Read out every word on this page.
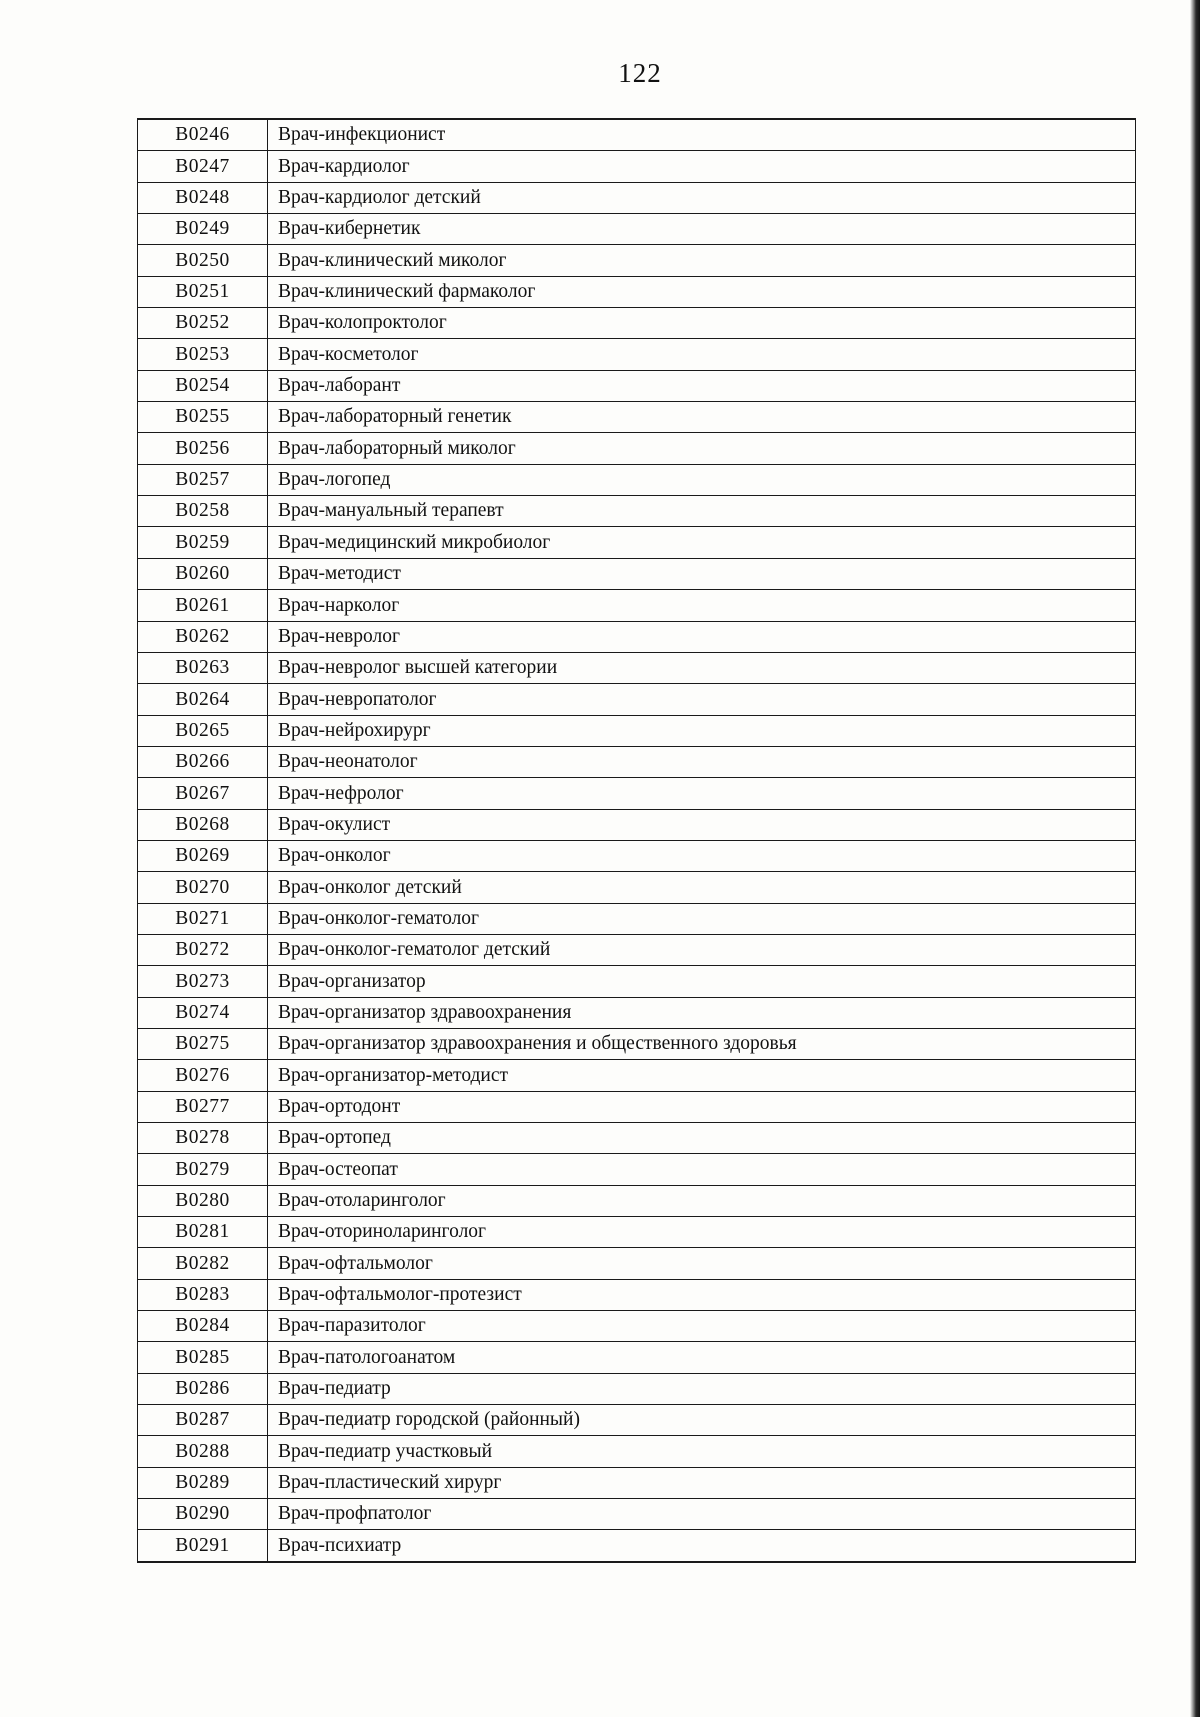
122
В0246	Врач-инфекционист
В0247	Врач-кардиолог
В0248	Врач-кардиолог детский
В0249	Врач-кибернетик
В0250	Врач-клинический миколог
В0251	Врач-клинический фармаколог
В0252	Врач-колопроктолог
В0253	Врач-косметолог
В0254	Врач-лаборант
В0255	Врач-лабораторный генетик
В0256	Врач-лабораторный миколог
В0257	Врач-логопед
В0258	Врач-мануальный терапевт
В0259	Врач-медицинский микробиолог
В0260	Врач-методист
В0261	Врач-нарколог
В0262	Врач-невролог
В0263	Врач-невролог высшей категории
В0264	Врач-невропатолог
В0265	Врач-нейрохирург
В0266	Врач-неонатолог
В0267	Врач-нефролог
В0268	Врач-окулист
В0269	Врач-онколог
В0270	Врач-онколог детский
В0271	Врач-онколог-гематолог
В0272	Врач-онколог-гематолог детский
В0273	Врач-организатор
В0274	Врач-организатор здравоохранения
В0275	Врач-организатор здравоохранения и общественного здоровья
В0276	Врач-организатор-методист
В0277	Врач-ортодонт
В0278	Врач-ортопед
В0279	Врач-остеопат
В0280	Врач-отоларинголог
В0281	Врач-оториноларинголог
В0282	Врач-офтальмолог
В0283	Врач-офтальмолог-протезист
В0284	Врач-паразитолог
В0285	Врач-патологоанатом
В0286	Врач-педиатр
В0287	Врач-педиатр городской (районный)
В0288	Врач-педиатр участковый
В0289	Врач-пластический хирург
В0290	Врач-профпатолог
В0291	Врач-психиатр
